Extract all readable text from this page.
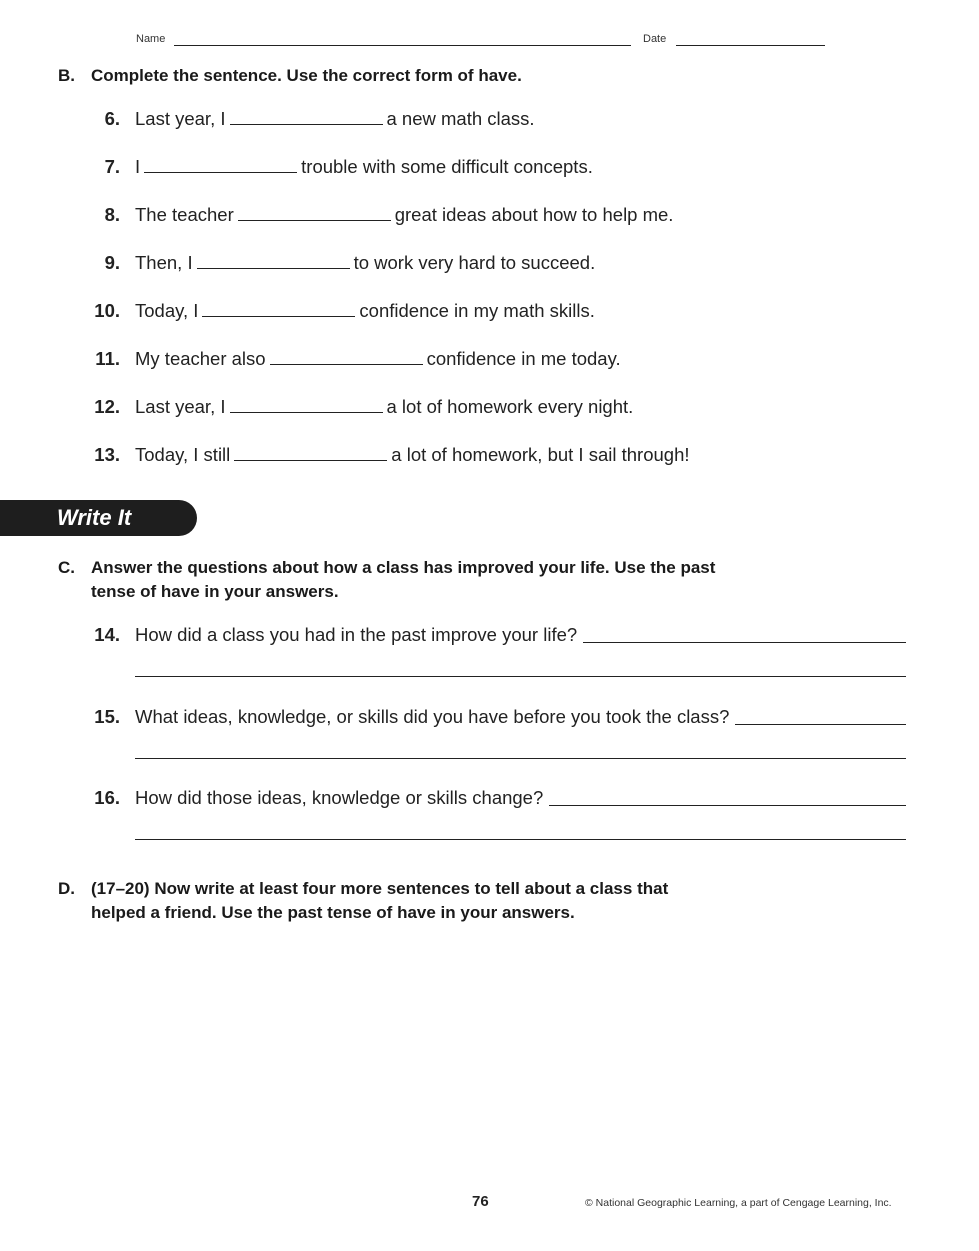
Name	Date
B. Complete the sentence. Use the correct form of have.
6. Last year, I	a new math class.
7. I	trouble with some difficult concepts.
8. The teacher	great ideas about how to help me.
9. Then, I	to work very hard to succeed.
10. Today, I	confidence in my math skills.
11. My teacher also	confidence in me today.
12. Last year, I	a lot of homework every night.
13. Today, I still	a lot of homework, but I sail through!
Write It
C. Answer the questions about how a class has improved your life. Use the past
tense of have in your answers.
14. How did a class you had in the past improve your life?
15. What ideas, knowledge, or skills did you have before you took the class?
16. How did those ideas, knowledge or skills change?
D. (17–20) Now write at least four more sentences to tell about a class that
helped a friend. Use the past tense of have in your answers.
76	© National Geographic Learning, a part of Cengage Learning, Inc.
